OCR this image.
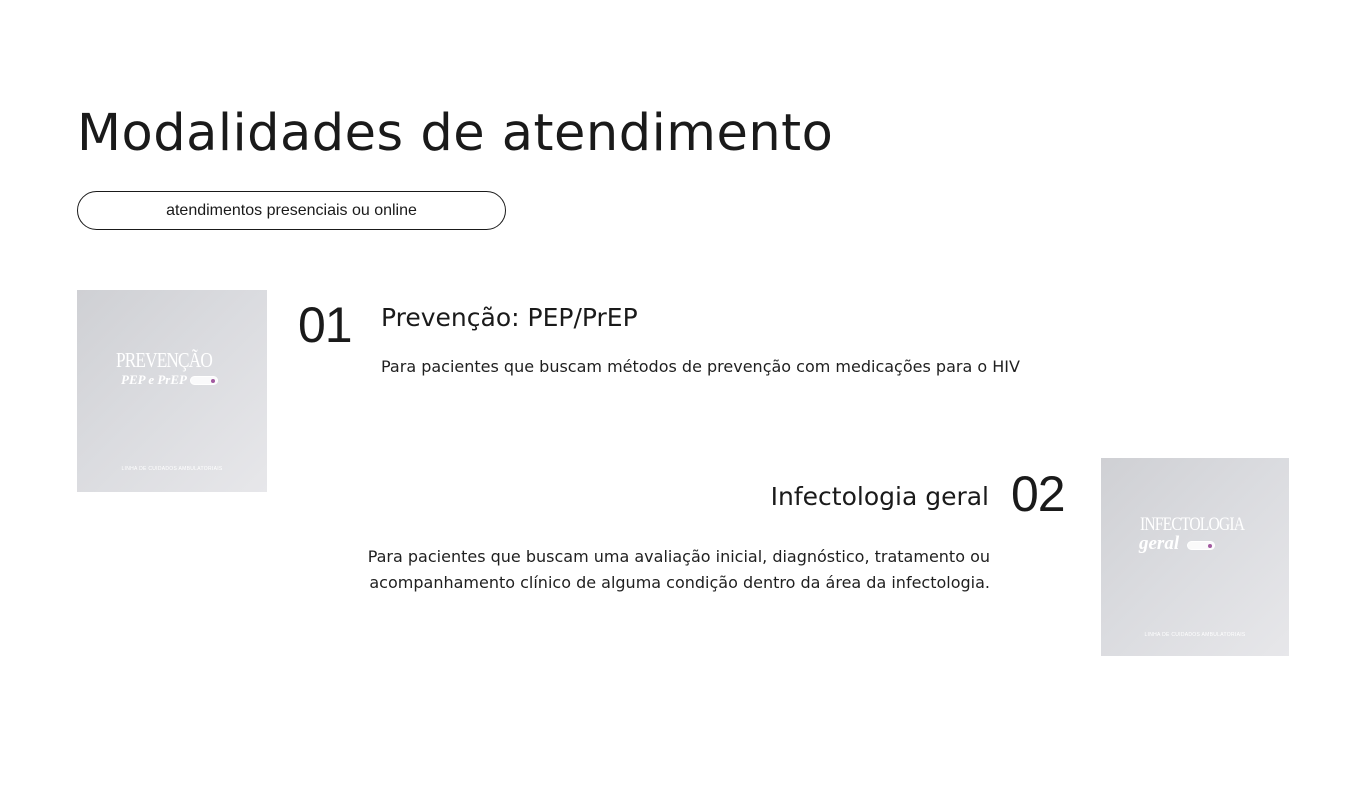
Modalidades de atendimento
atendimentos presenciais ou online
PREVENÇÃO
PEP e PrEP
LINHA DE CUIDADOS AMBULATORIAIS
01 Prevenção: PEP/PrEP

Para pacientes que buscam métodos de prevenção com medicações para o HIV

Infectologia geral 02

Para pacientes que buscam uma avaliação inicial, diagnóstico, tratamento ou acompanhamento clínico de alguma condição dentro da área da infectologia.

INFECTOLOGIA
geral
LINHA DE CUIDADOS AMBULATORIAIS
